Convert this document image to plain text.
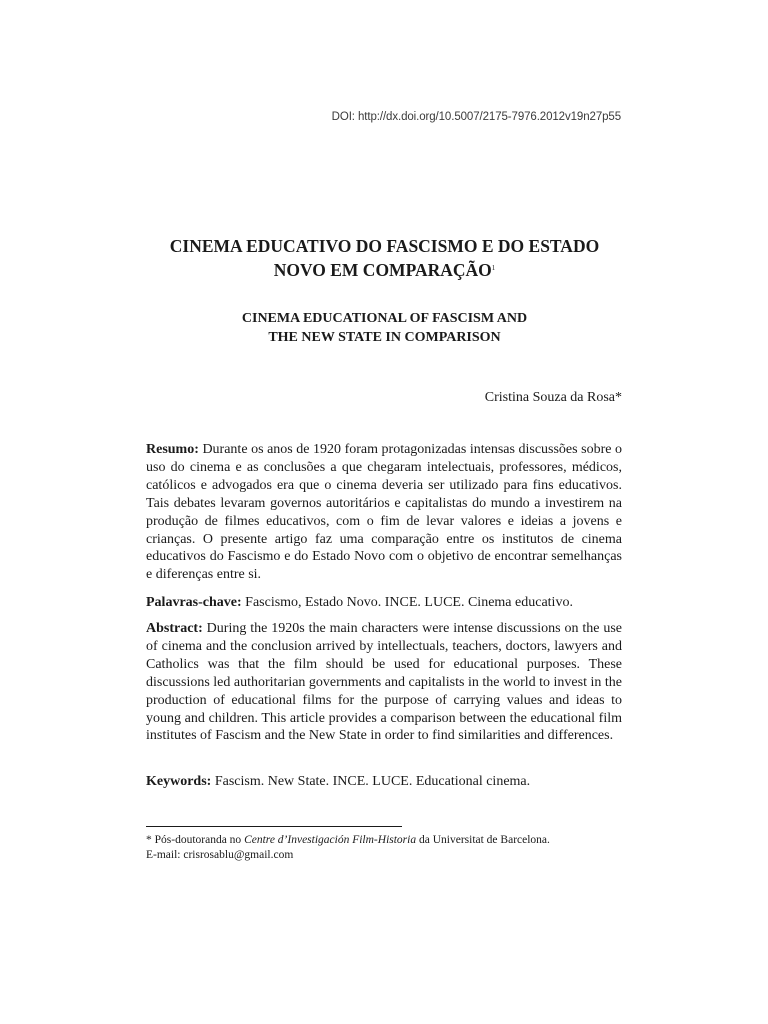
DOI: http://dx.doi.org/10.5007/2175-7976.2012v19n27p55
CINEMA EDUCATIVO DO FASCISMO E DO ESTADO
NOVO EM COMPARAÇÃO$^1$
CINEMA EDUCATIONAL OF FASCISM AND
THE NEW STATE IN COMPARISON
Cristina Souza da Rosa*
Resumo: Durante os anos de 1920 foram protagonizadas intensas discussões sobre o uso do cinema e as conclusões a que chegaram intelectuais, professores, médicos, católicos e advogados era que o cinema deveria ser utilizado para fins educativos. Tais debates levaram governos autoritários e capitalistas do mundo a investirem na produção de filmes educativos, com o fim de levar valores e ideias a jovens e crianças. O presente artigo faz uma comparação entre os institutos de cinema educativos do Fascismo e do Estado Novo com o objetivo de encontrar semelhanças e diferenças entre si.
Palavras-chave: Fascismo, Estado Novo. INCE. LUCE. Cinema educativo.
Abstract: During the 1920s the main characters were intense discussions on the use of cinema and the conclusion arrived by intellectuals, teachers, doctors, lawyers and Catholics was that the film should be used for educational purposes. These discussions led authoritarian governments and capitalists in the world to invest in the production of educational films for the purpose of carrying values and ideas to young and children. This article provides a comparison between the educational film institutes of Fascism and the New State in order to find similarities and differences.
Keywords: Fascism. New State. INCE. LUCE. Educational cinema.
* Pós-doutoranda no Centre d’Investigación Film-Historia da Universitat de Barcelona.
E-mail: crisrosablu@gmail.com
